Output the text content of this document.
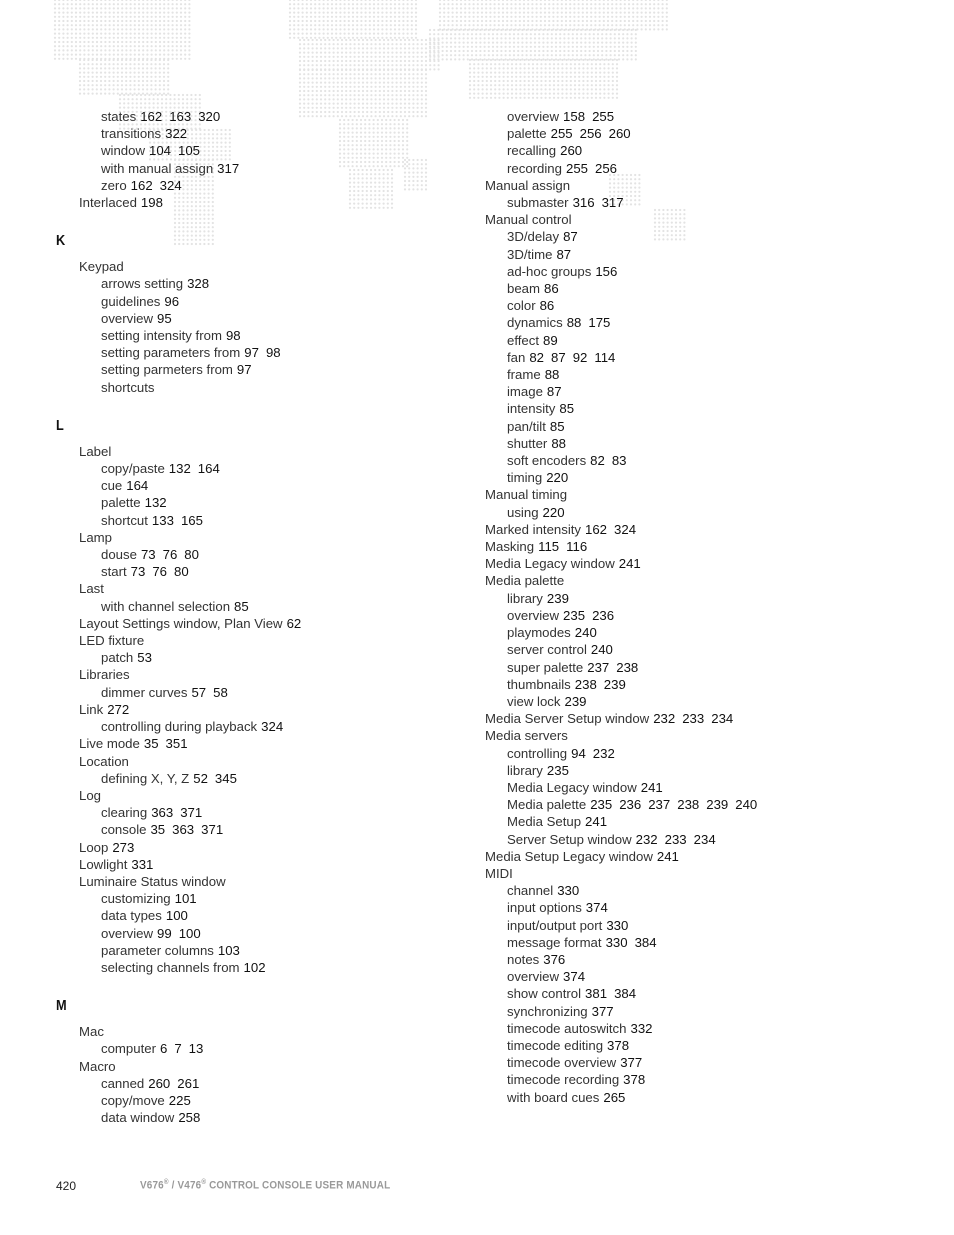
states 162 163 320
transitions 322
window 104 105
with manual assign 317
zero 162 324
Interlaced 198
K
Keypad
arrows setting 328
guidelines 96
overview 95
setting intensity from 98
setting parameters from 97 98
setting parmeters from 97
shortcuts
L
Label
copy/paste 132 164
cue 164
palette 132
shortcut 133 165
Lamp
douse 73 76 80
start 73 76 80
Last
with channel selection 85
Layout Settings window, Plan View 62
LED fixture
patch 53
Libraries
dimmer curves 57 58
Link 272
controlling during playback 324
Live mode 35 351
Location
defining X, Y, Z 52 345
Log
clearing 363 371
console 35 363 371
Loop 273
Lowlight 331
Luminaire Status window
customizing 101
data types 100
overview 99 100
parameter columns 103
selecting channels from 102
M
Mac
computer 6 7 13
Macro
canned 260 261
copy/move 225
data window 258
overview 158 255
palette 255 256 260
recalling 260
recording 255 256
Manual assign
submaster 316 317
Manual control
3D/delay 87
3D/time 87
ad-hoc groups 156
beam 86
color 86
dynamics 88 175
effect 89
fan 82 87 92 114
frame 88
image 87
intensity 85
pan/tilt 85
shutter 88
soft encoders 82 83
timing 220
Manual timing
using 220
Marked intensity 162 324
Masking 115 116
Media Legacy window 241
Media palette
library 239
overview 235 236
playmodes 240
server control 240
super palette 237 238
thumbnails 238 239
view lock 239
Media Server Setup window 232 233 234
Media servers
controlling 94 232
library 235
Media Legacy window 241
Media palette 235 236 237 238 239 240
Media Setup 241
Server Setup window 232 233 234
Media Setup Legacy window 241
MIDI
channel 330
input options 374
input/output port 330
message format 330 384
notes 376
overview 374
show control 381 384
synchronizing 377
timecode autoswitch 332
timecode editing 378
timecode overview 377
timecode recording 378
with board cues 265
420	V676® / V476® CONTROL CONSOLE USER MANUAL
